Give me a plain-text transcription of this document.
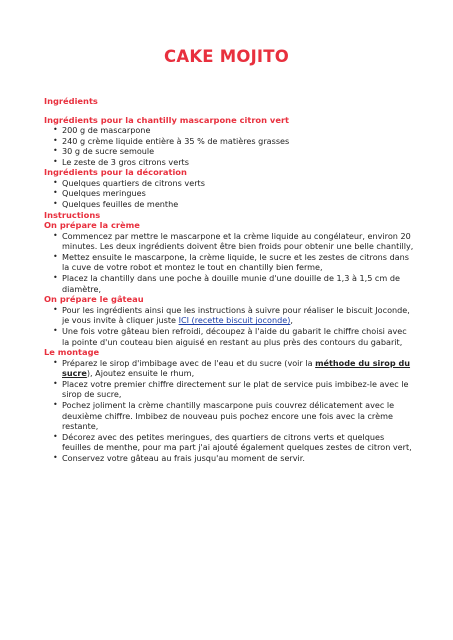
CAKE MOJITO
Ingrédients
Ingrédients pour la chantilly mascarpone citron vert
• 200 g de mascarpone
• 240 g crème liquide entière à 35 % de matières grasses
• 30 g de sucre semoule
• Le zeste de 3 gros citrons verts
Ingrédients pour la décoration
• Quelques quartiers de citrons verts
• Quelques meringues
• Quelques feuilles de menthe
Instructions
On prépare la crème
• Commencez par mettre le mascarpone et la crème liquide au congélateur, environ 20 minutes. Les deux ingrédients doivent être bien froids pour obtenir une belle chantilly,
• Mettez ensuite le mascarpone, la crème liquide, le sucre et les zestes de citrons dans la cuve de votre robot et montez le tout en chantilly bien ferme,
• Placez la chantilly dans une poche à douille munie d'une douille de 1,3 à 1,5 cm de diamètre,
On prépare le gâteau
• Pour les ingrédients ainsi que les instructions à suivre pour réaliser le biscuit Joconde, je vous invite à cliquer juste ICI (recette biscuit joconde),
• Une fois votre gâteau bien refroidi, découpez à l'aide du gabarit le chiffre choisi avec la pointe d'un couteau bien aiguisé en restant au plus près des contours du gabarit,
Le montage
• Préparez le sirop d'imbibage avec de l'eau et du sucre (voir la méthode du sirop du sucre), Ajoutez ensuite le rhum,
• Placez votre premier chiffre directement sur le plat de service puis imbibez-le avec le sirop de sucre,
• Pochez joliment la crème chantilly mascarpone puis couvrez délicatement avec le deuxième chiffre. Imbibez de nouveau puis pochez encore une fois avec la crème restante,
• Décorez avec des petites meringues, des quartiers de citrons verts et quelques feuilles de menthe, pour ma part j'ai ajouté également quelques zestes de citron vert,
• Conservez votre gâteau au frais jusqu'au moment de servir.
